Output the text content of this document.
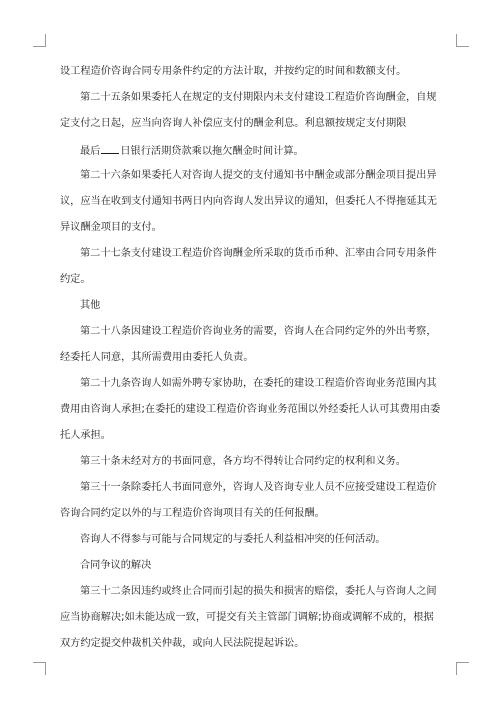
设工程造价咨询合同专用条件约定的方法计取，并按约定的时间和数额支付。

第二十五条如果委托人在规定的支付期限内未支付建设工程造价咨询酬金，自规

定支付之日起，应当向咨询人补偿应支付的酬金利息。利息额按规定支付期限

最后 日银行活期贷款乘以拖欠酬金时间计算。

第二十六条如果委托人对咨询人提交的支付通知书中酬金或部分酬金项目提出异

议，应当在收到支付通知书两日内向咨询人发出异议的通知，但委托人不得拖延其无

异议酬金项目的支付。

第二十七条支付建设工程造价咨询酬金所采取的货币币种、汇率由合同专用条件

约定。

其他

第二十八条因建设工程造价咨询业务的需要，咨询人在合同约定外的外出考察，

经委托人同意，其所需费用由委托人负责。

第二十九条咨询人如需外聘专家协助，在委托的建设工程造价咨询业务范围内其

费用由咨询人承担;在委托的建设工程造价咨询业务范围以外经委托人认可其费用由委

托人承担。

第三十条未经对方的书面同意，各方均不得转让合同约定的权利和义务。

第三十一条除委托人书面同意外，咨询人及咨询专业人员不应接受建设工程造价

咨询合同约定以外的与工程造价咨询项目有关的任何报酬。

咨询人不得参与可能与合同规定的与委托人利益相冲突的任何活动。

合同争议的解决

第三十二条因违约或终止合同而引起的损失和损害的赔偿，委托人与咨询人之间

应当协商解决;如未能达成一致，可提交有关主管部门调解;协商或调解不成的，根据

双方约定提交仲裁机关仲裁，或向人民法院提起诉讼。
